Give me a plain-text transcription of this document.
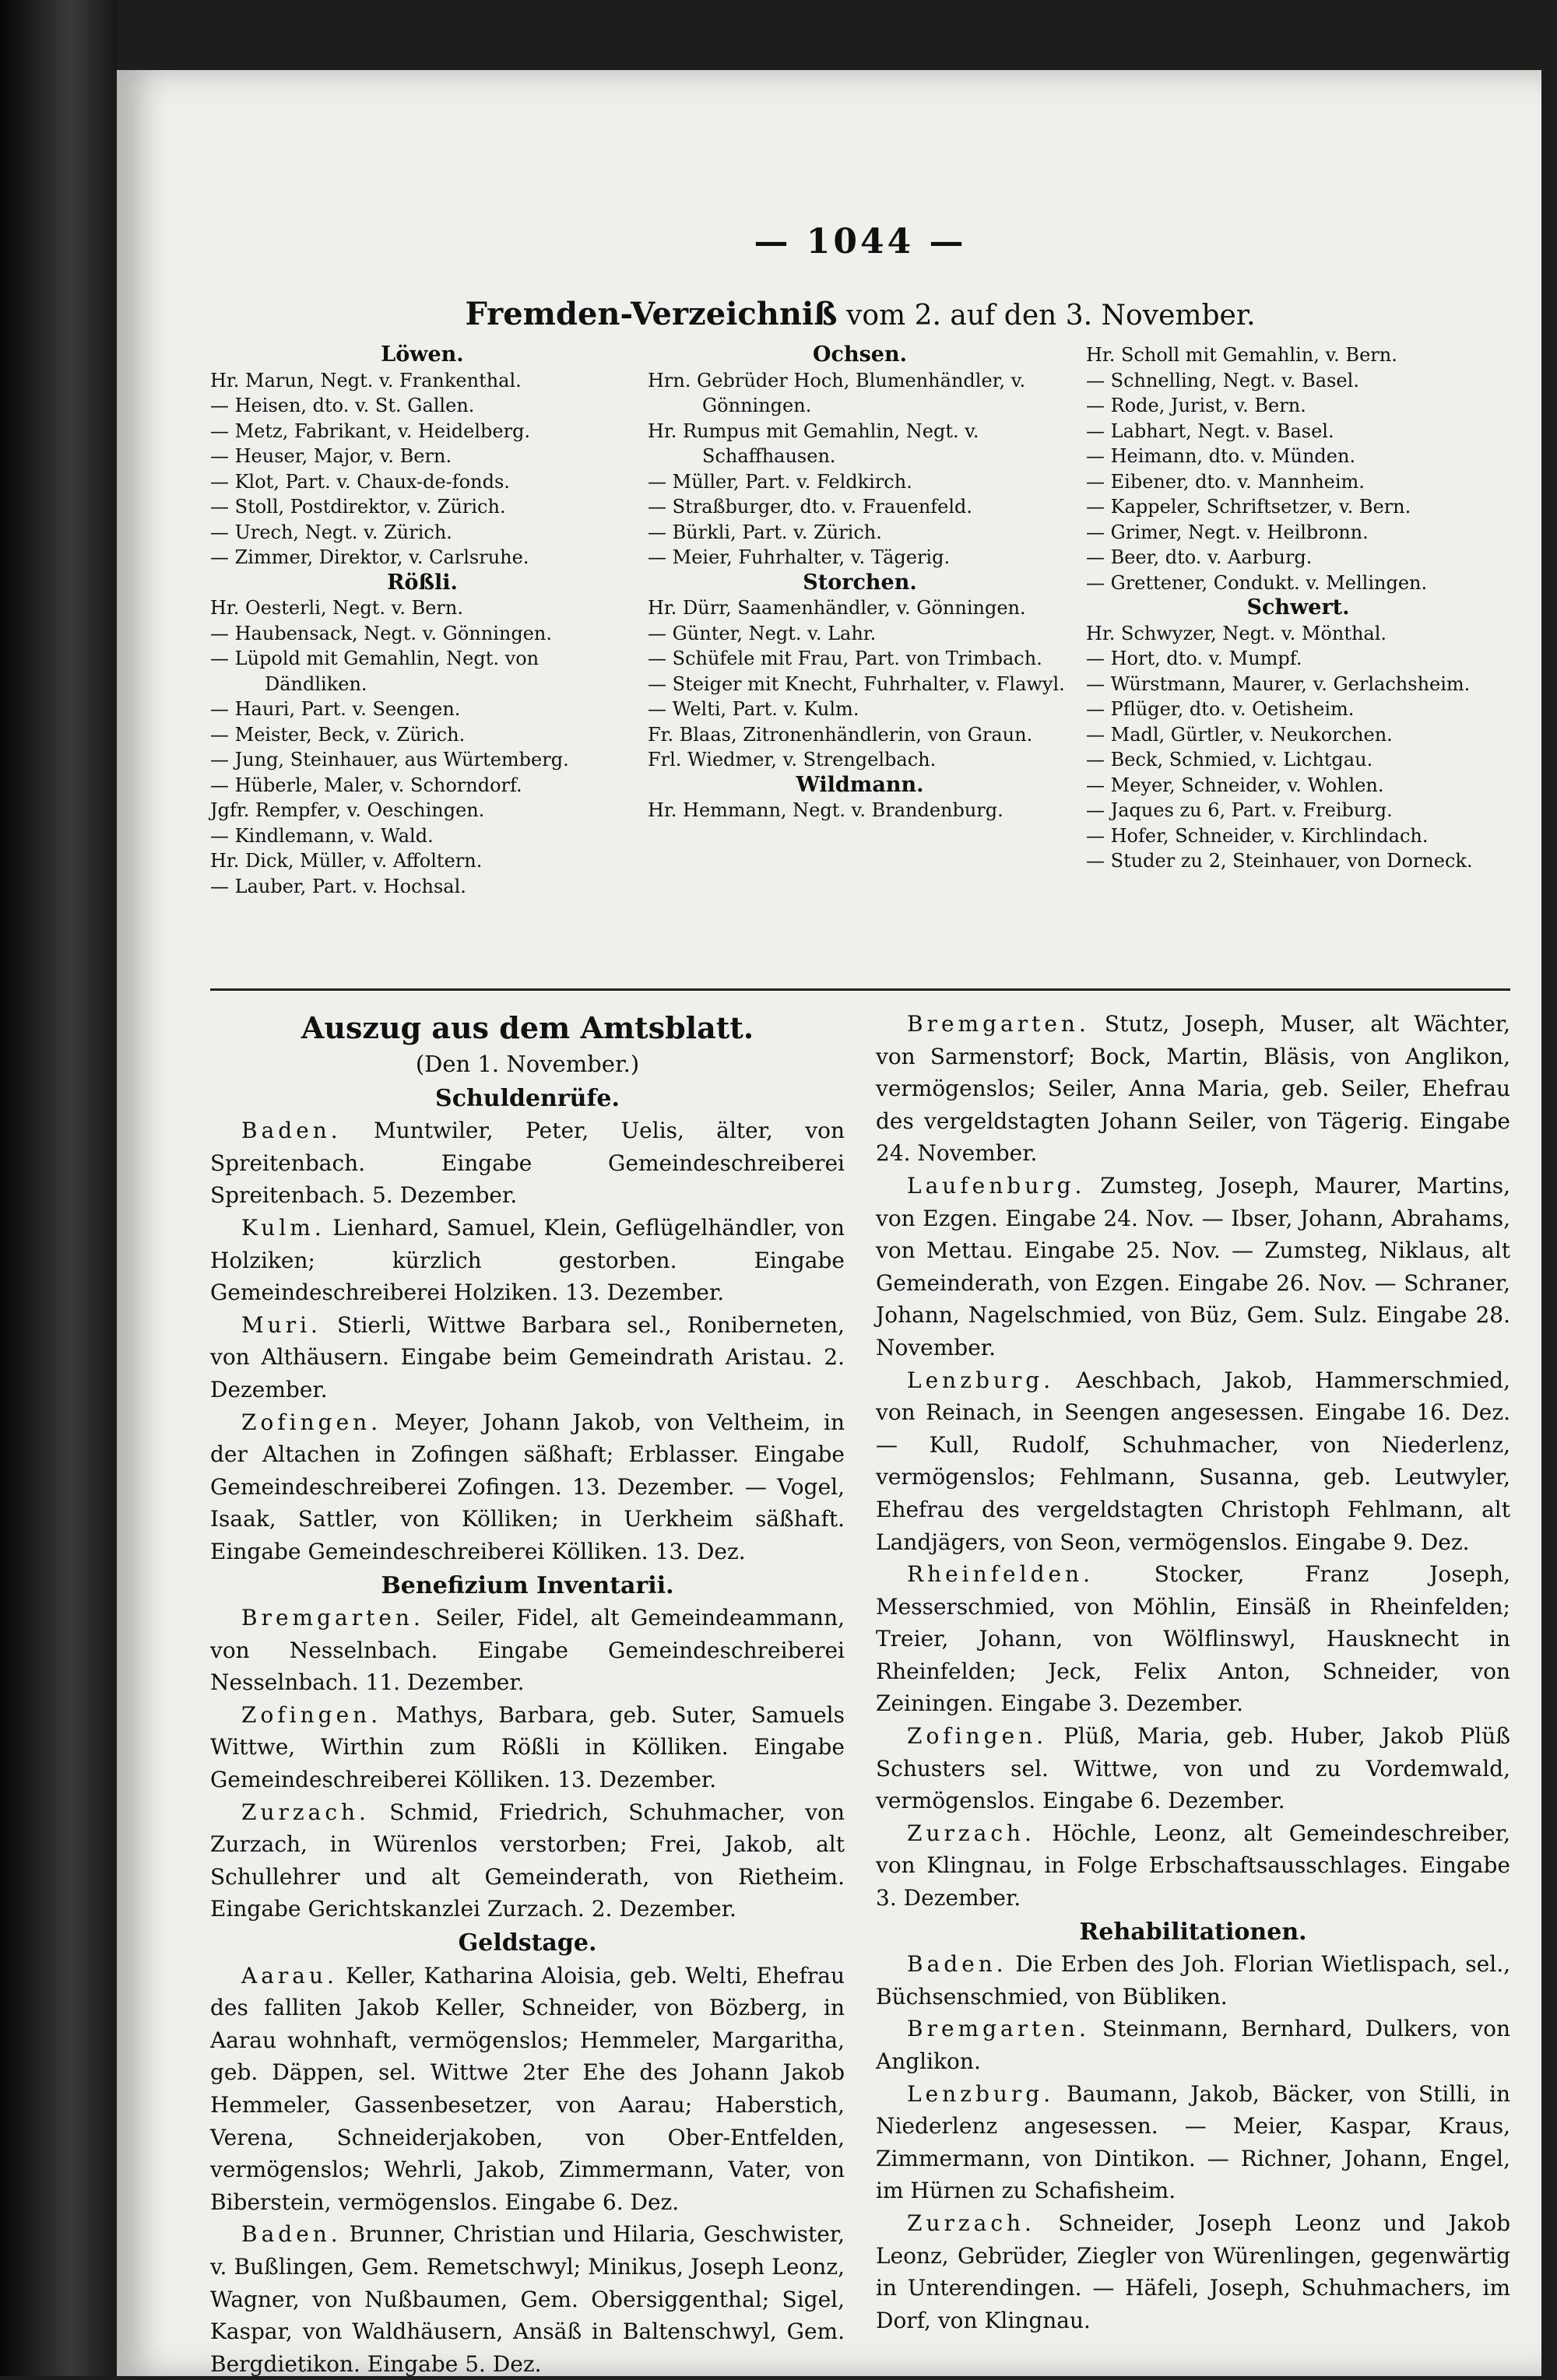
— 1044 —
Fremden-Verzeichniß vom 2. auf den 3. November.
Löwen.
Hr. Marun, Negt. v. Frankenthal.
— Heisen, dto. v. St. Gallen.
— Metz, Fabrikant, v. Heidelberg.
— Heuser, Major, v. Bern.
— Klot, Part. v. Chaux-de-fonds.
— Stoll, Postdirektor, v. Zürich.
— Urech, Negt. v. Zürich.
— Zimmer, Direktor, v. Carlsruhe.
Rößli.
Hr. Oesterli, Negt. v. Bern.
— Haubensack, Negt. v. Gönningen.
— Lüpold mit Gemahlin, Negt. von Dändliken.
— Hauri, Part. v. Seengen.
— Meister, Beck, v. Zürich.
— Jung, Steinhauer, aus Würtemberg.
— Hüberle, Maler, v. Schorndorf.
Jgfr. Rempfer, v. Oeschingen.
— Kindlemann, v. Wald.
Hr. Dick, Müller, v. Affoltern.
— Lauber, Part. v. Hochsal.
Ochsen.
Hrn. Gebrüder Hoch, Blumenhändler, v. Gönningen.
Hr. Rumpus mit Gemahlin, Negt. v. Schaffhausen.
— Müller, Part. v. Feldkirch.
— Straßburger, dto. v. Frauenfeld.
— Bürkli, Part. v. Zürich.
— Meier, Fuhrhalter, v. Tägerig.
Storchen.
Hr. Dürr, Saamenhändler, v. Gönningen.
— Günter, Negt. v. Lahr.
— Schüfele mit Frau, Part. von Trimbach.
— Steiger mit Knecht, Fuhrhalter, v. Flawyl.
— Welti, Part. v. Kulm.
Fr. Blaas, Zitronenhändlerin, von Graun.
Frl. Wiedmer, v. Strengelbach.
Wildmann.
Hr. Hemmann, Negt. v. Brandenburg.
Hr. Scholl mit Gemahlin, v. Bern.
— Schnelling, Negt. v. Basel.
— Rode, Jurist, v. Bern.
— Labhart, Negt. v. Basel.
— Heimann, dto. v. Münden.
— Eibener, dto. v. Mannheim.
— Kappeler, Schriftsetzer, v. Bern.
— Grimer, Negt. v. Heilbronn.
— Beer, dto. v. Aarburg.
— Grettener, Condukt. v. Mellingen.
Schwert.
Hr. Schwyzer, Negt. v. Mönthal.
— Hort, dto. v. Mumpf.
— Würstmann, Maurer, v. Gerlachsheim.
— Pflüger, dto. v. Oetisheim.
— Madl, Gürtler, v. Neukorchen.
— Beck, Schmied, v. Lichtgau.
— Meyer, Schneider, v. Wohlen.
— Jaques zu 6, Part. v. Freiburg.
— Hofer, Schneider, v. Kirchlindach.
— Studer zu 2, Steinhauer, von Dorneck.
Auszug aus dem Amtsblatt.
(Den 1. November.)
Schuldenrüfe.
Baden. Muntwiler, Peter, Uelis, älter, von Spreitenbach. Eingabe Gemeindeschreiberei Spreitenbach. 5. Dezember.
Kulm. Lienhard, Samuel, Klein, Geflügelhändler, von Holziken; kürzlich gestorben. Eingabe Gemeindeschreiberei Holziken. 13. Dezember.
Muri. Stierli, Wittwe Barbara sel., Roniberneten, von Althäusern. Eingabe beim Gemeindrath Aristau. 2. Dezember.
Zofingen. Meyer, Johann Jakob, von Veltheim, in der Altachen in Zofingen säßhaft; Erblasser. Eingabe Gemeindeschreiberei Zofingen. 13. Dezember. — Vogel, Isaak, Sattler, von Kölliken; in Uerkheim säßhaft. Eingabe Gemeindeschreiberei Kölliken. 13. Dez.
Benefizium Inventarii.
Bremgarten. Seiler, Fidel, alt Gemeindeammann, von Nesselnbach. Eingabe Gemeindeschreiberei Nesselnbach. 11. Dezember.
Zofingen. Mathys, Barbara, geb. Suter, Samuels Wittwe, Wirthin zum Rößli in Kölliken. Eingabe Gemeindeschreiberei Kölliken. 13. Dezember.
Zurzach. Schmid, Friedrich, Schuhmacher, von Zurzach, in Würenlos verstorben; Frei, Jakob, alt Schullehrer und alt Gemeinderath, von Rietheim. Eingabe Gerichtskanzlei Zurzach. 2. Dezember.
Geldstage.
Aarau. Keller, Katharina Aloisia, geb. Welti, Ehefrau des falliten Jakob Keller, Schneider, von Bözberg, in Aarau wohnhaft, vermögenslos; Hemmeler, Margaritha, geb. Däppen, sel. Wittwe 2ter Ehe des Johann Jakob Hemmeler, Gassenbesetzer, von Aarau; Haberstich, Verena, Schneiderjakoben, von Ober-Entfelden, vermögenslos; Wehrli, Jakob, Zimmermann, Vater, von Biberstein, vermögenslos. Eingabe 6. Dez.
Baden. Brunner, Christian und Hilaria, Geschwister, v. Bußlingen, Gem. Remetschwyl; Minikus, Joseph Leonz, Wagner, von Nußbaumen, Gem. Obersiggenthal; Sigel, Kaspar, von Waldhäusern, Ansäß in Baltenschwyl, Gem. Bergdietikon. Eingabe 5. Dez.
Bremgarten. Stutz, Joseph, Muser, alt Wächter, von Sarmenstorf; Bock, Martin, Bläsis, von Anglikon, vermögenslos; Seiler, Anna Maria, geb. Seiler, Ehefrau des vergeldstagten Johann Seiler, von Tägerig. Eingabe 24. November.
Laufenburg. Zumsteg, Joseph, Maurer, Martins, von Ezgen. Eingabe 24. Nov. — Ibser, Johann, Abrahams, von Mettau. Eingabe 25. Nov. — Zumsteg, Niklaus, alt Gemeinderath, von Ezgen. Eingabe 26. Nov. — Schraner, Johann, Nagelschmied, von Büz, Gem. Sulz. Eingabe 28. November.
Lenzburg. Aeschbach, Jakob, Hammerschmied, von Reinach, in Seengen angesessen. Eingabe 16. Dez. — Kull, Rudolf, Schuhmacher, von Niederlenz, vermögenslos; Fehlmann, Susanna, geb. Leutwyler, Ehefrau des vergeldstagten Christoph Fehlmann, alt Landjägers, von Seon, vermögenslos. Eingabe 9. Dez.
Rheinfelden.	Stocker, Franz Joseph, Messerschmied, von Möhlin, Einsäß in Rheinfelden; Treier, Johann, von Wölflinswyl, Hausknecht in Rheinfelden; Jeck, Felix Anton, Schneider, von Zeiningen. Eingabe 3. Dezember.
Zofingen. Plüß, Maria, geb. Huber, Jakob Plüß Schusters sel. Wittwe, von und zu Vordemwald, vermögenslos. Eingabe 6. Dezember.
Zurzach. Höchle, Leonz, alt Gemeindeschreiber, von Klingnau, in Folge Erbschaftsausschlages. Eingabe 3. Dezember.
Rehabilitationen.
Baden. Die Erben des Joh. Florian Wietlispach, sel., Büchsenschmied, von Bübliken.
Bremgarten. Steinmann, Bernhard, Dulkers, von Anglikon.
Lenzburg. Baumann, Jakob, Bäcker, von Stilli, in Niederlenz angesessen. — Meier, Kaspar, Kraus, Zimmermann, von Dintikon. — Richner, Johann, Engel, im Hürnen zu Schafisheim.
Zurzach. Schneider, Joseph Leonz und Jakob Leonz, Gebrüder, Ziegler von Würenlingen, gegenwärtig in Unterendingen. — Häfeli, Joseph, Schuhmachers, im Dorf, von Klingnau.
